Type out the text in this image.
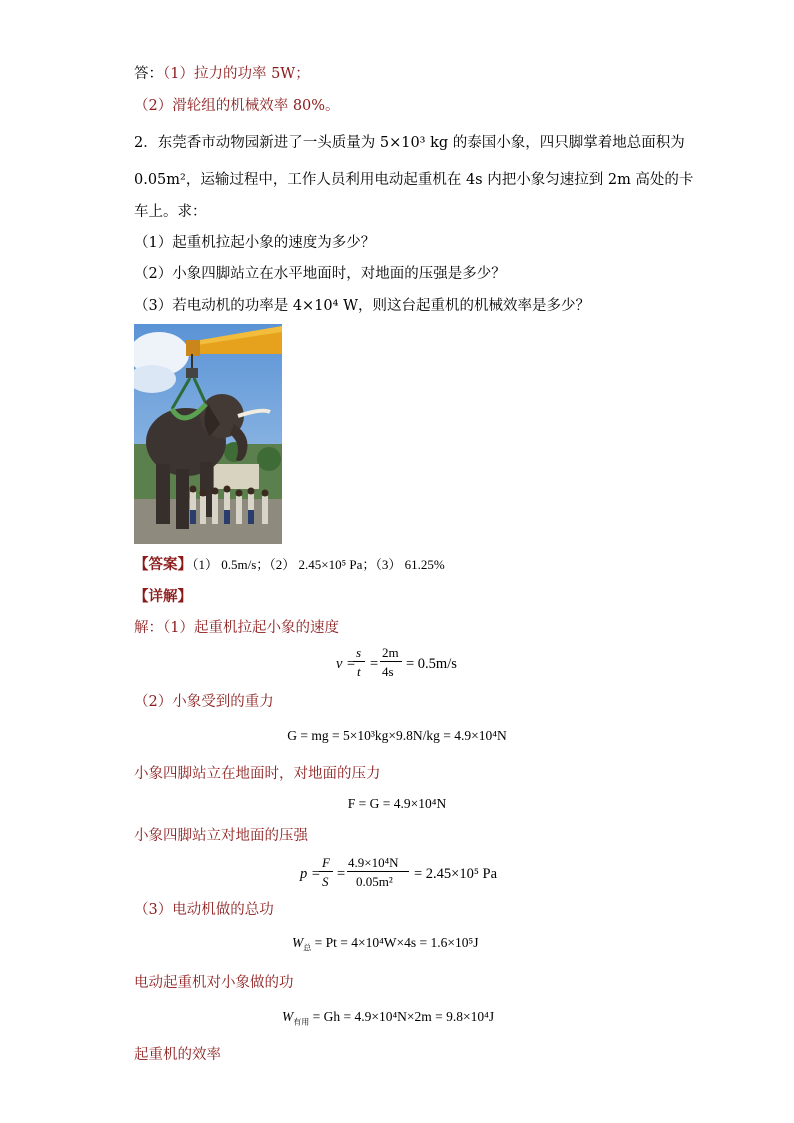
答：（1）拉力的功率 5W；
（2）滑轮组的机械效率 80%。
2．东莞香市动物园新进了一头质量为 5×10³ kg 的泰国小象，四只脚掌着地总面积为
0.05m²，运输过程中，工作人员利用电动起重机在 4s 内把小象匀速拉到 2m 高处的卡
车上。求：
（1）起重机拉起小象的速度为多少？
（2）小象四脚站立在水平地面时，对地面的压强是多少？
（3）若电动机的功率是 4×10⁴ W，则这台起重机的机械效率是多少？
【答案】（1） 0.5m/s；（2） 2.45×10⁵ Pa；（3） 61.25%
【详解】
解：（1）起重机拉起小象的速度
v =
s
t =
2m
4s = 0.5m/s
（2）小象受到的重力
G = mg = 5×10³kg×9.8N/kg = 4.9×10⁴N
小象四脚站立在地面时，对地面的压力
F = G = 4.9×10⁴N
小象四脚站立对地面的压强
p =
F
S =
4.9×10⁴N
0.05m² = 2.45×10⁵ Pa
（3）电动机做的总功
$W_总 = Pt = 4\times 10^4W\times 4s = 1.6\times 10^5J$
电动起重机对小象做的功
$W_{有用} = Gh = 4.9\times 10^4N\times 2m = 9.8\times 10^4J$
起重机的效率
